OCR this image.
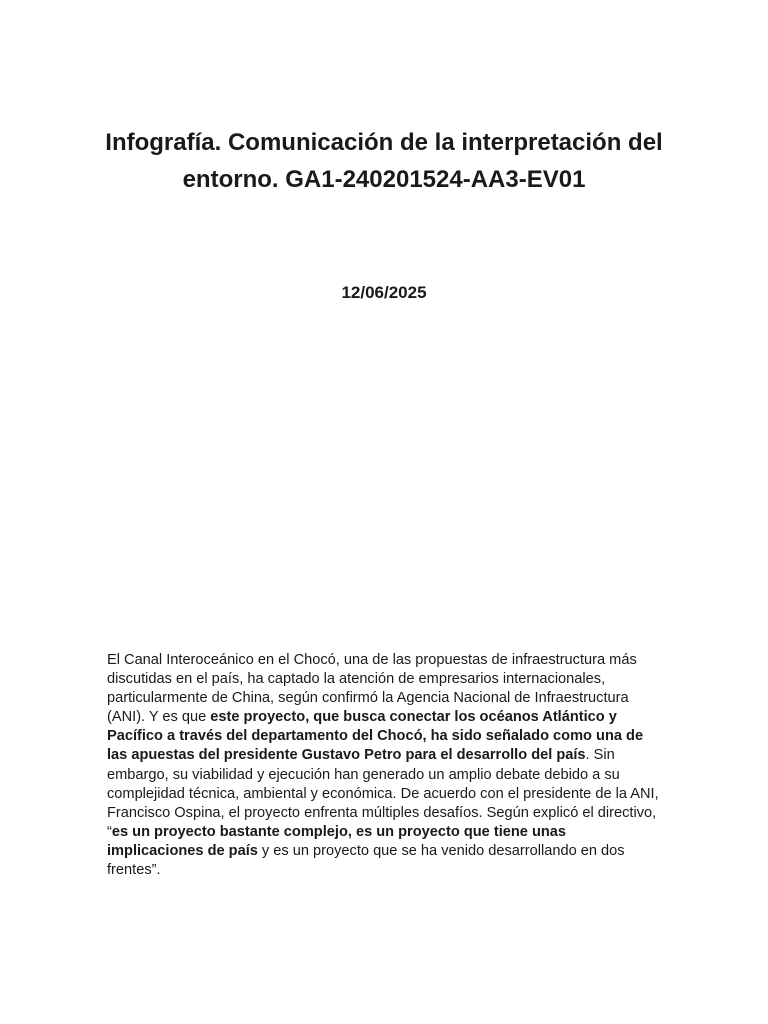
Infografía. Comunicación de la interpretación del entorno. GA1-240201524-AA3-EV01

12/06/2025

El Canal Interoceánico en el Chocó, una de las propuestas de infraestructura más discutidas en el país, ha captado la atención de empresarios internacionales, particularmente de China, según confirmó la Agencia Nacional de Infraestructura (ANI). Y es que este proyecto, que busca conectar los océanos Atlántico y Pacífico a través del departamento del Chocó, ha sido señalado como una de las apuestas del presidente Gustavo Petro para el desarrollo del país. Sin embargo, su viabilidad y ejecución han generado un amplio debate debido a su complejidad técnica, ambiental y económica. De acuerdo con el presidente de la ANI, Francisco Ospina, el proyecto enfrenta múltiples desafíos. Según explicó el directivo, “es un proyecto bastante complejo, es un proyecto que tiene unas implicaciones de país y es un proyecto que se ha venido desarrollando en dos frentes”.
